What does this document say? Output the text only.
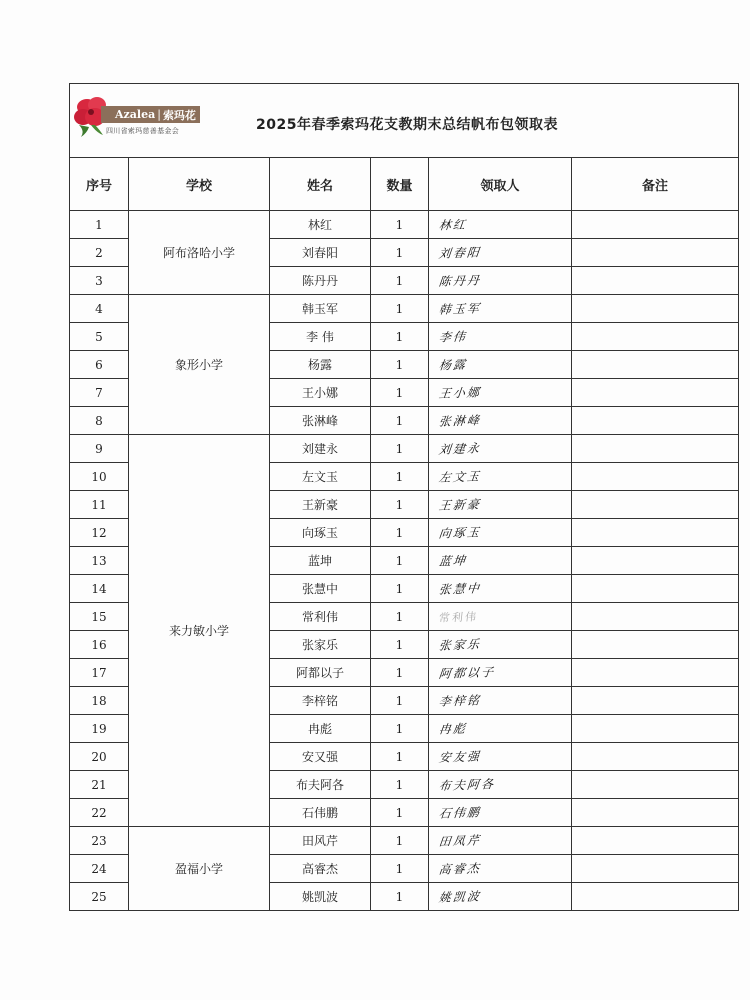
Azalea | 索玛花
四川省索玛慈善基金会 2025年春季索玛花支教期末总结帆布包领取表					

序号	学校	姓名	数量	领取人	备注
1	阿布洛哈小学	林红	1	林红	
2		刘春阳	1	刘春阳	
3		陈丹丹	1	陈丹丹	
4	象形小学	韩玉军	1	韩玉军	
5		李 伟	1	李伟	
6		杨露	1	杨露	
7		王小娜	1	王小娜	
8		张淋峰	1	张淋峰	
9	来力敏小学	刘建永	1	刘建永	
10		左文玉	1	左文玉	
11		王新豪	1	王新豪	
12		向琢玉	1	向琢玉	
13		蓝坤	1	蓝坤	
14		张慧中	1	张慧中	
15		常利伟	1	常利伟	
16		张家乐	1	张家乐	
17		阿都以子	1	阿都以子	
18		李梓铭	1	李梓铭	
19		冉彪	1	冉彪	
20		安又强	1	安友强	
21		布夫阿各	1	布夫阿各	
22		石伟鹏	1	石伟鹏	
23	盈福小学	田风芹	1	田凤芹	
24		高睿杰	1	高睿杰	
25		姚凯波	1	姚凯波	
